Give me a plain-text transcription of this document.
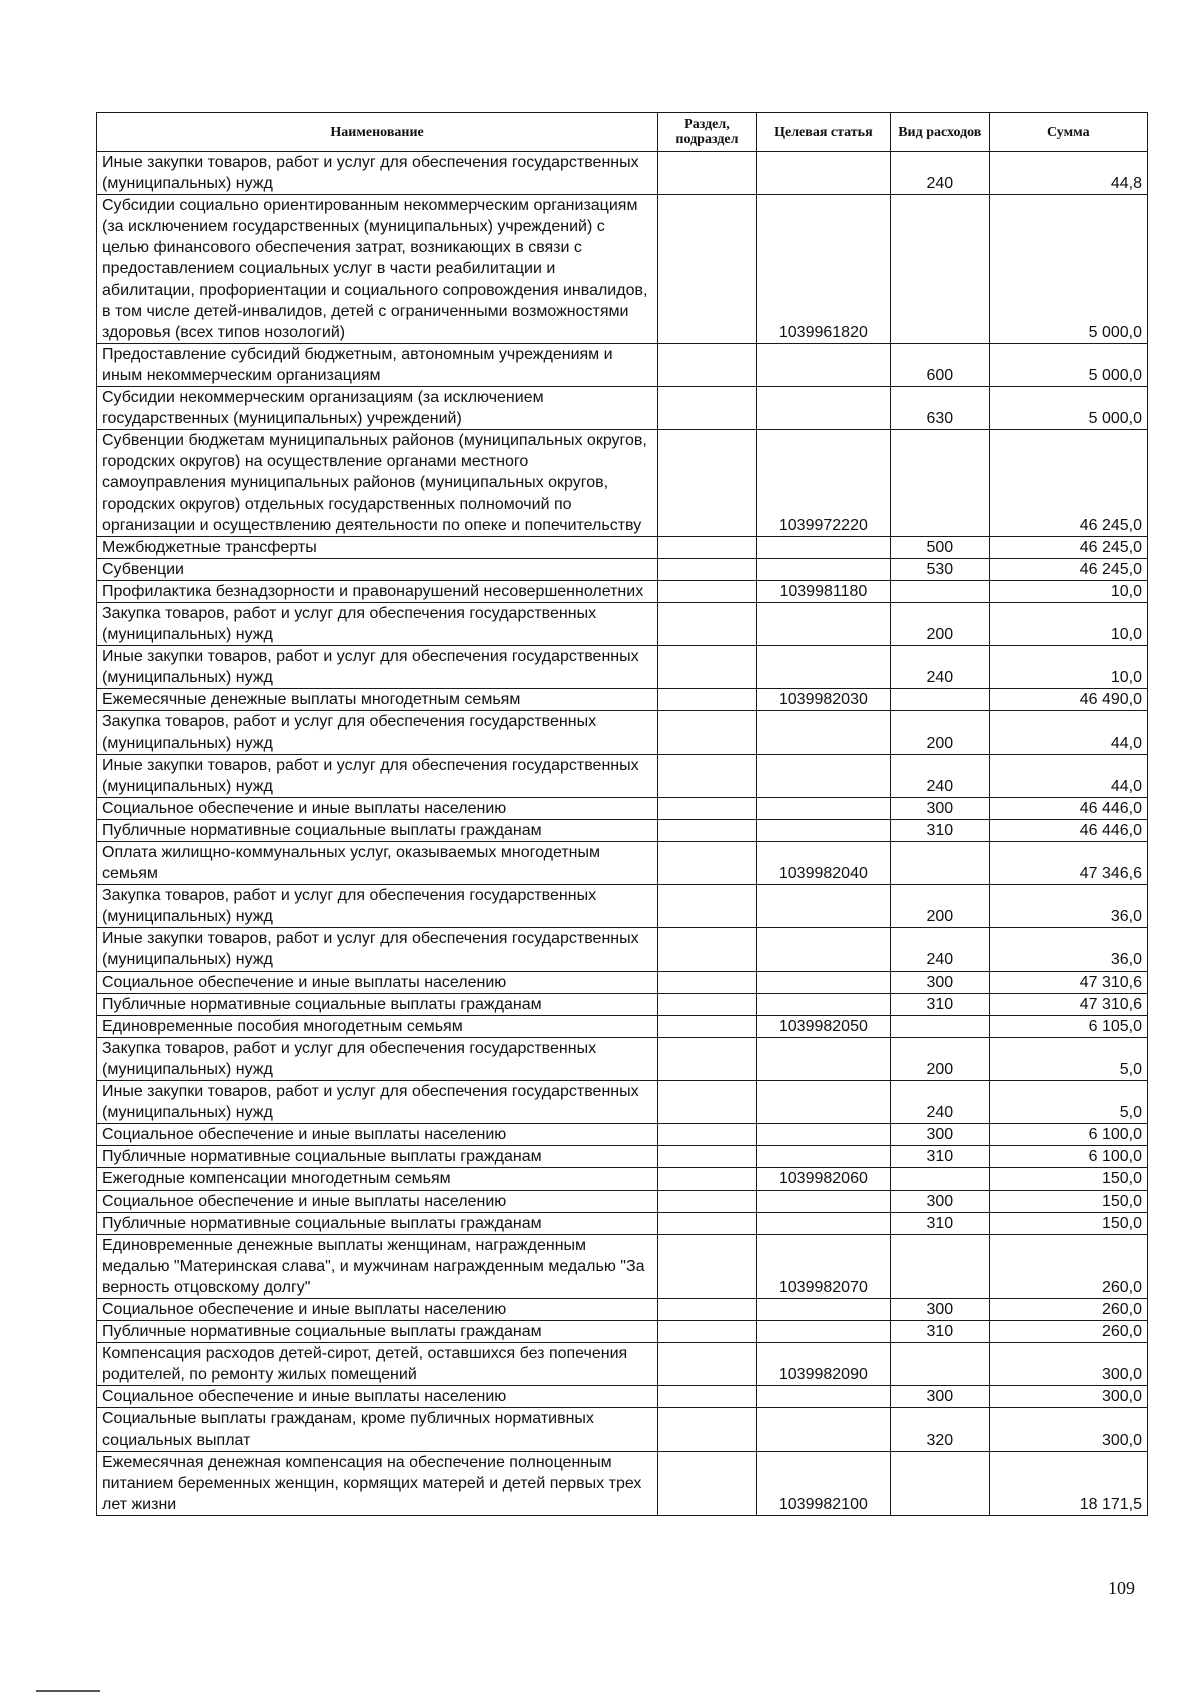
Наименование	Раздел, подраздел	Целевая статья	Вид расходов	Сумма
Иные закупки товаров, работ и услуг для обеспечения государственных (муниципальных) нужд			240	44,8
Субсидии социально ориентированным некоммерческим организациям (за исключением государственных (муниципальных) учреждений) с целью финансового обеспечения затрат, возникающих в связи с предоставлением социальных услуг в части реабилитации и абилитации, профориентации и социального сопровождения инвалидов, в том числе детей-инвалидов, детей с ограниченными возможностями здоровья (всех типов нозологий)		1039961820		5 000,0
Предоставление субсидий бюджетным, автономным учреждениям и иным некоммерческим организациям			600	5 000,0
Субсидии некоммерческим организациям (за исключением государственных (муниципальных) учреждений)			630	5 000,0
Субвенции бюджетам муниципальных районов (муниципальных округов, городских округов) на осуществление органами местного самоуправления муниципальных районов (муниципальных округов, городских округов) отдельных государственных полномочий по организации и осуществлению деятельности по опеке и попечительству		1039972220		46 245,0
Межбюджетные трансферты			500	46 245,0
Субвенции			530	46 245,0
Профилактика безнадзорности и правонарушений несовершеннолетних		1039981180		10,0
Закупка товаров, работ и услуг для обеспечения государственных (муниципальных) нужд			200	10,0
Иные закупки товаров, работ и услуг для обеспечения государственных (муниципальных) нужд			240	10,0
Ежемесячные денежные выплаты многодетным семьям		1039982030		46 490,0
Закупка товаров, работ и услуг для обеспечения государственных (муниципальных) нужд			200	44,0
Иные закупки товаров, работ и услуг для обеспечения государственных (муниципальных) нужд			240	44,0
Социальное обеспечение и иные выплаты населению			300	46 446,0
Публичные нормативные социальные выплаты гражданам			310	46 446,0
Оплата жилищно-коммунальных услуг, оказываемых многодетным семьям		1039982040		47 346,6
Закупка товаров, работ и услуг для обеспечения государственных (муниципальных) нужд			200	36,0
Иные закупки товаров, работ и услуг для обеспечения государственных (муниципальных) нужд			240	36,0
Социальное обеспечение и иные выплаты населению			300	47 310,6
Публичные нормативные социальные выплаты гражданам			310	47 310,6
Единовременные пособия многодетным семьям		1039982050		6 105,0
Закупка товаров, работ и услуг для обеспечения государственных (муниципальных) нужд			200	5,0
Иные закупки товаров, работ и услуг для обеспечения государственных (муниципальных) нужд			240	5,0
Социальное обеспечение и иные выплаты населению			300	6 100,0
Публичные нормативные социальные выплаты гражданам			310	6 100,0
Ежегодные компенсации многодетным семьям		1039982060		150,0
Социальное обеспечение и иные выплаты населению			300	150,0
Публичные нормативные социальные выплаты гражданам			310	150,0
Единовременные денежные выплаты женщинам, награжденным медалью "Материнская слава", и мужчинам награжденным медалью "За верность отцовскому долгу"		1039982070		260,0
Социальное обеспечение и иные выплаты населению			300	260,0
Публичные нормативные социальные выплаты гражданам			310	260,0
Компенсация расходов детей-сирот, детей, оставшихся без попечения родителей, по ремонту жилых помещений		1039982090		300,0
Социальное обеспечение и иные выплаты населению			300	300,0
Социальные выплаты гражданам, кроме публичных нормативных социальных выплат			320	300,0
Ежемесячная денежная компенсация на обеспечение полноценным питанием беременных женщин, кормящих матерей и детей первых трех лет жизни		1039982100		18 171,5
109
